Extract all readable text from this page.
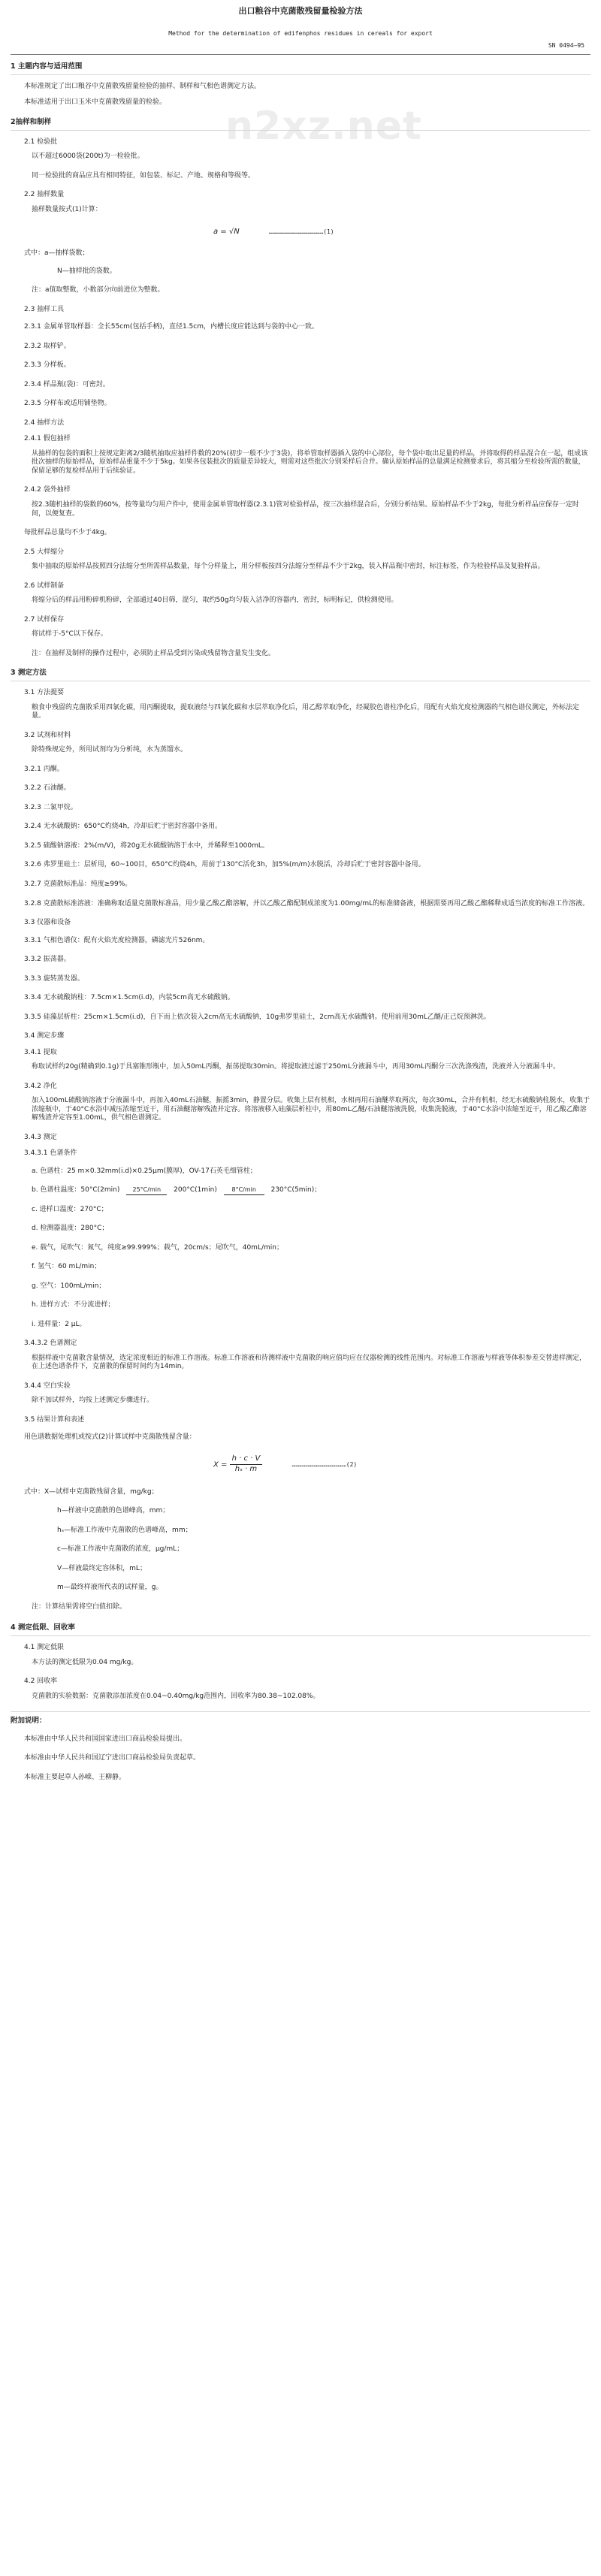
n2xz.net
出口粮谷中克菌散残留量检验方法
Method for the determination of edifenphos residues in cereals for export
SN 0494—95
1 主题内容与适用范围
本标准规定了出口粮谷中克菌散残留量检验的抽样、制样和气相色谱测定方法。
本标准适用于出口玉米中克菌散残留量的检验。
2抽样和制样
2.1 检验批
以不超过6000袋(200t)为一检验批。
同一检验批的商品应具有相同特征，如包装、标记、产地、规格和等级等。
2.2 抽样数量
抽样数量按式(1)计算：
a = √N	………………………………………(1)
式中：a—抽样袋数；
N—抽样批的袋数。
注：a值取整数，小数部分向前进位为整数。
2.3 抽样工具
2.3.1 金属单管取样器：全长55cm(包括手柄)，直径1.5cm，内槽长度应能达到与袋的中心一致。
2.3.2 取样铲。
2.3.3 分样板。
2.3.4 样品瓶(袋)：可密封。
2.3.5 分样布或适用铺垫物。
2.4 抽样方法
2.4.1 假包抽样
从抽样的包袋的面积上按规定距离2/3随机抽取应抽样件数的20%(初步一般不少于3袋)，将单管取样器插入袋的中心部位，每个袋中取出足量的样品，并将取得的样品混合在一起，组成该批次抽样的原始样品，原始样品重量不少于5kg。如果各包装批次的质量差异较大，则需对这些批次分别采样后合并。确认原始样品的总量满足检测要求后，将其缩分至检验所需的数量，保留足够的复检样品用于后续验证。
2.4.2 袋外抽样
按2.3随机抽样的袋数的60%，按等量均匀用户件中，使用金属单管取样器(2.3.1)管对检验样品，按三次抽样混合后，分别分析结果。原始样品不少于2kg，每批分析样品应保存一定时间，以便复查。
每批样品总量均不少于4kg。
2.5 大样缩分
集中抽取的原始样品按照四分法缩分至所需样品数量，每个分样量上，用分样板按四分法缩分至样品不少于2kg，装入样品瓶中密封，标注标签，作为检验样品及复验样品。
2.6 试样制备
将缩分后的样品用粉碎机粉碎，全部通过40目筛，混匀，取约50g均匀装入洁净的容器内，密封，标明标记，供检测使用。
2.7 试样保存
将试样于-5°C以下保存。
注：在抽样及制样的操作过程中，必须防止样品受到污染或残留物含量发生变化。
3 测定方法
3.1 方法提要
粮食中残留的克菌散采用四氯化碳，用丙酮提取，提取液经与四氯化碳和水层萃取净化后，用乙醇萃取净化，经凝胶色谱柱净化后，用配有火焰光度检测器的气相色谱仪测定，外标法定量。
3.2 试剂和材料
除特殊规定外，所用试剂均为分析纯，水为蒸馏水。
3.2.1 丙酮。
3.2.2 石油醚。
3.2.3 二氯甲烷。
3.2.4 无水硫酸钠：650°C灼烧4h，冷却后贮于密封容器中备用。
3.2.5 硫酸钠溶液：2%(m/V)，将20g无水硫酸钠溶于水中，并稀释至1000mL。
3.2.6 弗罗里硅土：层析用，60~100目，650°C灼烧4h，用前于130°C活化3h，加5%(m/m)水脱活，冷却后贮于密封容器中备用。
3.2.7 克菌散标准品：纯度≥99%。
3.2.8 克菌散标准溶液：准确称取适量克菌散标准品，用少量乙酸乙酯溶解，并以乙酸乙酯配制成浓度为1.00mg/mL的标准储备液，根据需要再用乙酸乙酯稀释成适当浓度的标准工作溶液。
3.3 仪器和设备
3.3.1 气相色谱仪：配有火焰光度检测器，磷滤光片526nm。
3.3.2 振荡器。
3.3.3 旋转蒸发器。
3.3.4 无水硫酸钠柱：7.5cm×1.5cm(i.d)，内装5cm高无水硫酸钠。
3.3.5 硅藻层析柱：25cm×1.5cm(i.d)，自下而上依次装入2cm高无水硫酸钠，10g弗罗里硅土，2cm高无水硫酸钠。使用前用30mL乙醚/正己烷预淋洗。
3.4 测定步骤
3.4.1 提取
称取试样约20g(精确到0.1g)于具塞锥形瓶中，加入50mL丙酮，振荡提取30min。将提取液过滤于250mL分液漏斗中，再用30mL丙酮分三次洗涤残渣，洗液并入分液漏斗中。
3.4.2 净化
加入100mL硫酸钠溶液于分液漏斗中，再加入40mL石油醚，振摇3min，静置分层。收集上层有机相，水相再用石油醚萃取两次，每次30mL，合并有机相，经无水硫酸钠柱脱水，收集于浓缩瓶中，于40°C水浴中减压浓缩至近干，用石油醚溶解残渣并定容。将溶液移入硅藻层析柱中，用80mL乙醚/石油醚溶液洗脱，收集洗脱液，于40°C水浴中浓缩至近干，用乙酸乙酯溶解残渣并定容至1.00mL，供气相色谱测定。
3.4.3 测定
3.4.3.1 色谱条件
a. 色谱柱：25 m×0.32mm(i.d)×0.25μm(膜厚)，OV-17石英毛细管柱；
b. 色谱柱温度：50°C(2min) 25°C/min 200°C(1min) 8°C/min 230°C(5min)；
c. 进样口温度：270°C；
d. 检测器温度：280°C；
e. 载气，尾吹气：氮气，纯度≥99.999%；载气，20cm/s；尾吹气，40mL/min；
f. 氢气：60 mL/min；
g. 空气：100mL/min；
h. 进样方式：不分流进样；
i. 进样量：2 μL。
3.4.3.2 色谱测定
根据样液中克菌散含量情况，选定浓度相近的标准工作溶液。标准工作溶液和待测样液中克菌散的响应值均应在仪器检测的线性范围内。对标准工作溶液与样液等体积参差交替进样测定，在上述色谱条件下，克菌散的保留时间约为14min。
3.4.4 空白实验
除不加试样外，均按上述测定步骤进行。
3.5 结果计算和表述
用色谱数据处理机或按式(2)计算试样中克菌散残留含量：
$X = \frac{h \cdot c \cdot V}{\text{hₛ · m}}$	………………………………………(2)
式中：X—试样中克菌散残留含量，mg/kg；
h—样液中克菌散的色谱峰高，mm；
hₛ—标准工作液中克菌散的色谱峰高，mm；
c—标准工作液中克菌散的浓度，μg/mL；
V—样液最终定容体积，mL；
m—最终样液所代表的试样量，g。
注：计算结果需将空白值扣除。
4 测定低限、回收率
4.1 测定低限
本方法的测定低限为0.04 mg/kg。
4.2 回收率
克菌散的实验数据：克菌散添加浓度在0.04~0.40mg/kg范围内，回收率为80.38~102.08%。
附加说明：
本标准由中华人民共和国国家进出口商品检验局提出。
本标准由中华人民共和国辽宁进出口商品检验局负责起草。
本标准主要起草人孙嵘、王柳静。
